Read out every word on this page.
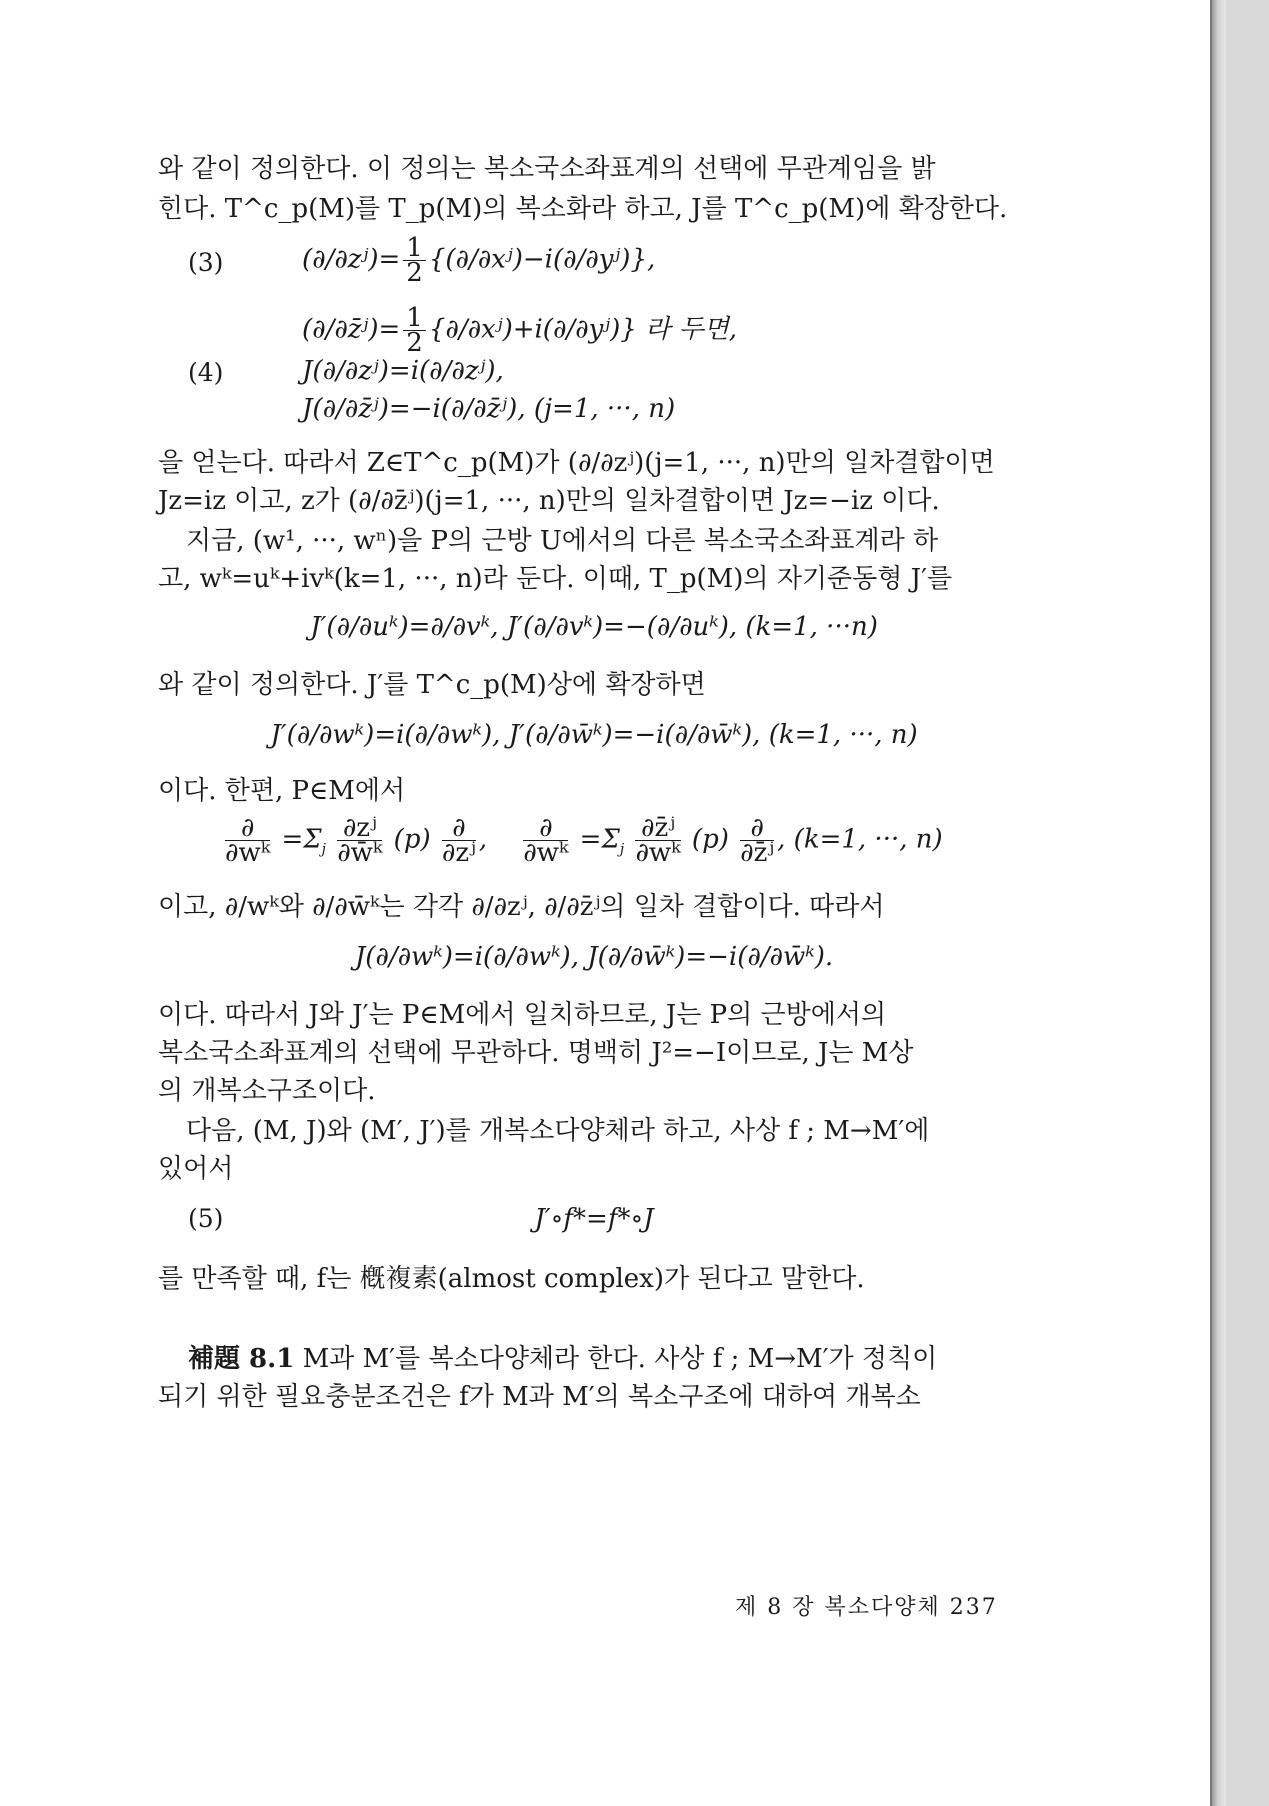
와 같이 정의한다. 이 정의는 복소국소좌표계의 선택에 무관계임을 밝
힌다. T^c_p(M)를 T_p(M)의 복소화라 하고, J를 T^c_p(M)에 확장한다.
(3)	(∂/∂zʲ)= $\frac{1}{2}$ {(∂/∂xʲ)−i(∂/∂yʲ)},
(∂/∂z̄ʲ)= $\frac{1}{2}$ {∂/∂xʲ)+i(∂/∂yʲ)} 라 두면,
(4)	J(∂/∂zʲ)=i(∂/∂zʲ),
J(∂/∂z̄ʲ)=−i(∂/∂z̄ʲ), (j=1, ···, n)
을 얻는다. 따라서 Z∈T^c_p(M)가 (∂/∂zʲ)(j=1, ···, n)만의 일차결합이면
Jz=iz 이고, z가 (∂/∂z̄ʲ)(j=1, ···, n)만의 일차결합이면 Jz=−iz 이다.
지금, (w¹, ···, wⁿ)을 P의 근방 U에서의 다른 복소국소좌표계라 하
고, wᵏ=uᵏ+ivᵏ(k=1, ···, n)라 둔다. 이때, T_p(M)의 자기준동형 J′를
J′(∂/∂uᵏ)=∂/∂vᵏ, J′(∂/∂vᵏ)=−(∂/∂uᵏ), (k=1, ···n)
와 같이 정의한다. J′를 T^c_p(M)상에 확장하면
J′(∂/∂wᵏ)=i(∂/∂wᵏ), J′(∂/∂w̄ᵏ)=−i(∂/∂w̄ᵏ), (k=1, ···, n)
이다. 한편, P∈M에서
$\frac{\partial}{\text{∂wᵏ}} =\Sigma_j \frac{\text{∂zʲ}}{\text{∂w̄ᵏ}} (p) \frac{\partial}{\text{∂zʲ}}$ , $\frac{\partial}{\text{∂wᵏ}} =\Sigma_j \frac{\text{∂z̄ʲ}}{\text{∂wᵏ}} (p) \frac{\partial}{\text{∂z̄ʲ}}$ , (k=1, ···, n)
이고, ∂/wᵏ와 ∂/∂w̄ᵏ는 각각 ∂/∂zʲ, ∂/∂z̄ʲ의 일차 결합이다. 따라서
J(∂/∂wᵏ)=i(∂/∂wᵏ), J(∂/∂w̄ᵏ)=−i(∂/∂w̄ᵏ).
이다. 따라서 J와 J′는 P∈M에서 일치하므로, J는 P의 근방에서의
복소국소좌표계의 선택에 무관하다. 명백히 J²=−I이므로, J는 M상
의 개복소구조이다.
다음, (M, J)와 (M′, J′)를 개복소다양체라 하고, 사상 f ; M→M′에
있어서
(5)	J′∘f*=f*∘J
를 만족할 때, f는 槪複素(almost complex)가 된다고 말한다.
補題 8.1 M과 M′를 복소다양체라 한다. 사상 f ; M→M′가 정칙이
되기 위한 필요충분조건은 f가 M과 M′의 복소구조에 대하여 개복소
제 8 장 복소다양체 237
